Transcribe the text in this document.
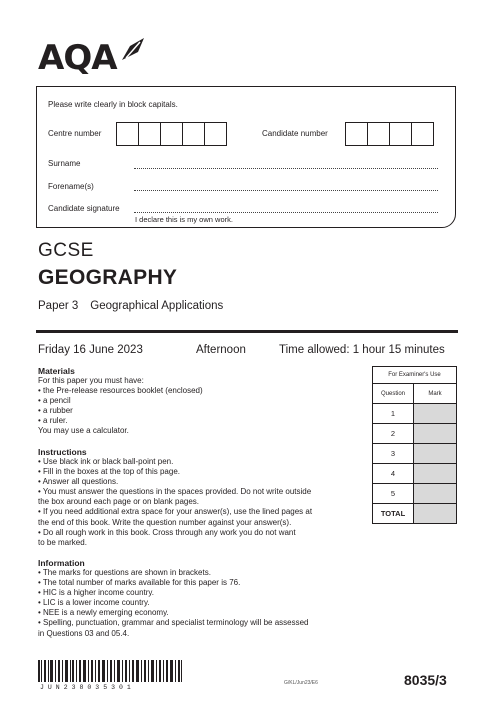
AQA
Please write clearly in block capitals.
Centre number	Candidate number
Surname
Forename(s)
Candidate signature
I declare this is my own work.
GCSE
GEOGRAPHY
Paper 3 Geographical Applications
Friday 16 June 2023	Afternoon	Time allowed: 1 hour 15 minutes
For Examiner's Use	
Question	Mark
1	
2	
3	
4	
5	
TOTAL	
Materials
For this paper you must have:
• the Pre-release resources booklet (enclosed)
• a pencil
• a rubber
• a ruler.
You may use a calculator.
Instructions
• Use black ink or black ball-point pen.
• Fill in the boxes at the top of this page.
• Answer all questions.
• You must answer the questions in the spaces provided. Do not write outside
the box around each page or on blank pages.
• If you need additional extra space for your answer(s), use the lined pages at
the end of this book. Write the question number against your answer(s).
• Do all rough work in this book. Cross through any work you do not want
to be marked.
Information
• The marks for questions are shown in brackets.
• The total number of marks available for this paper is 76.
• HIC is a higher income country.
• LIC is a lower income country.
• NEE is a newly emerging economy.
• Spelling, punctuation, grammar and specialist terminology will be assessed
in Questions 03 and 05.4.
JUN238035301
G/KL/Jun23/E6	8035/3
